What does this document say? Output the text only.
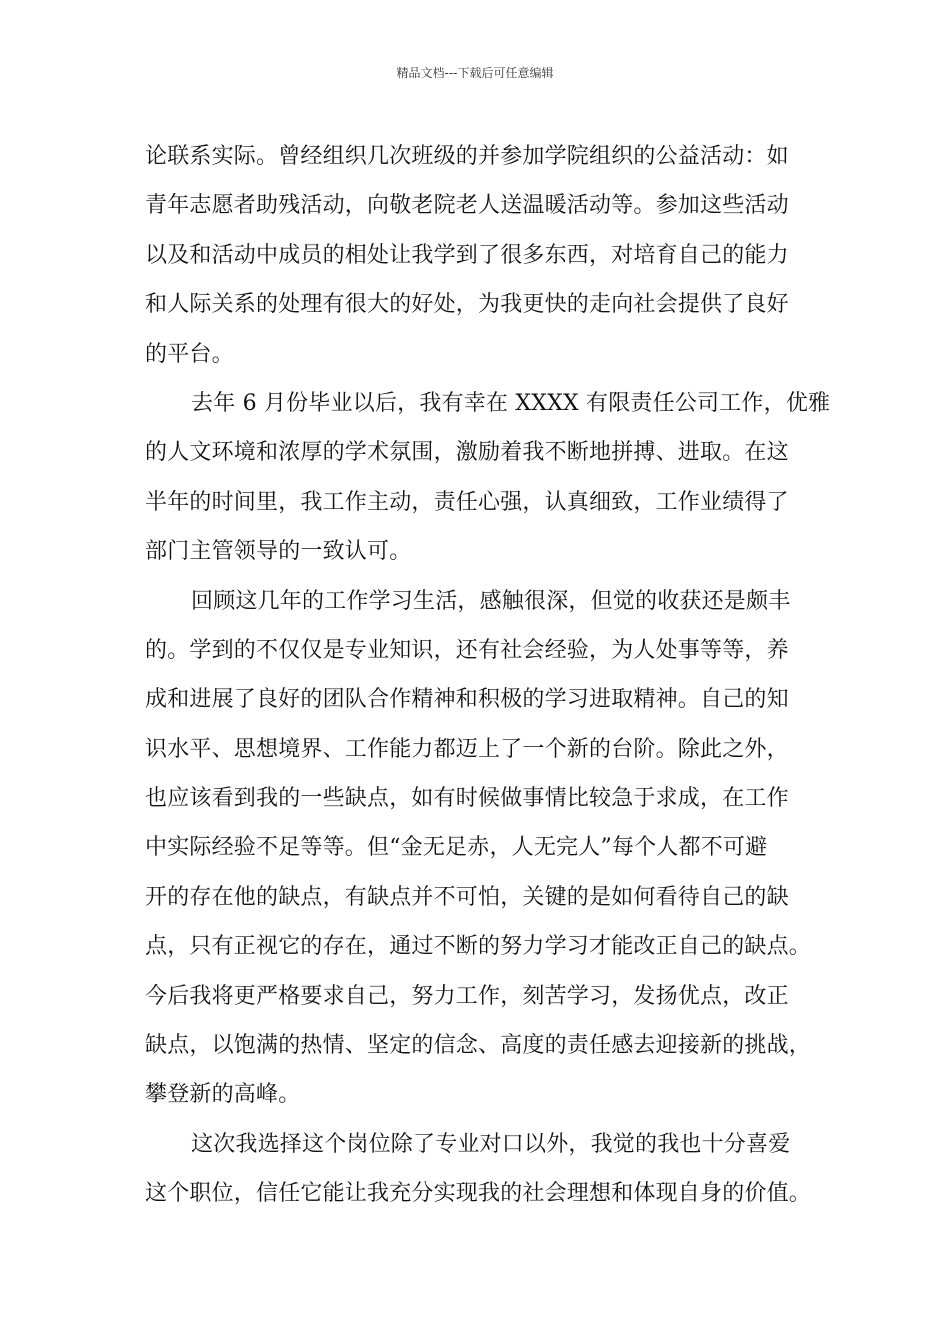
精品文档---下载后可任意编辑
论联系实际。曾经组织几次班级的并参加学院组织的公益活动：如
青年志愿者助残活动，向敬老院老人送温暖活动等。参加这些活动
以及和活动中成员的相处让我学到了很多东西，对培育自己的能力
和人际关系的处理有很大的好处，为我更快的走向社会提供了良好
的平台。
去年 6 月份毕业以后，我有幸在 XXXX 有限责任公司工作，优雅
的人文环境和浓厚的学术氛围，激励着我不断地拼搏、进取。在这
半年的时间里，我工作主动，责任心强，认真细致，工作业绩得了
部门主管领导的一致认可。
回顾这几年的工作学习生活，感触很深，但觉的收获还是颇丰
的。学到的不仅仅是专业知识，还有社会经验，为人处事等等，养
成和进展了良好的团队合作精神和积极的学习进取精神。自己的知
识水平、思想境界、工作能力都迈上了一个新的台阶。除此之外，
也应该看到我的一些缺点，如有时候做事情比较急于求成，在工作
中实际经验不足等等。但“金无足赤，人无完人”每个人都不可避
开的存在他的缺点，有缺点并不可怕，关键的是如何看待自己的缺
点，只有正视它的存在，通过不断的努力学习才能改正自己的缺点。
今后我将更严格要求自己，努力工作，刻苦学习，发扬优点，改正
缺点，以饱满的热情、坚定的信念、高度的责任感去迎接新的挑战，
攀登新的高峰。
这次我选择这个岗位除了专业对口以外，我觉的我也十分喜爱
这个职位，信任它能让我充分实现我的社会理想和体现自身的价值。
